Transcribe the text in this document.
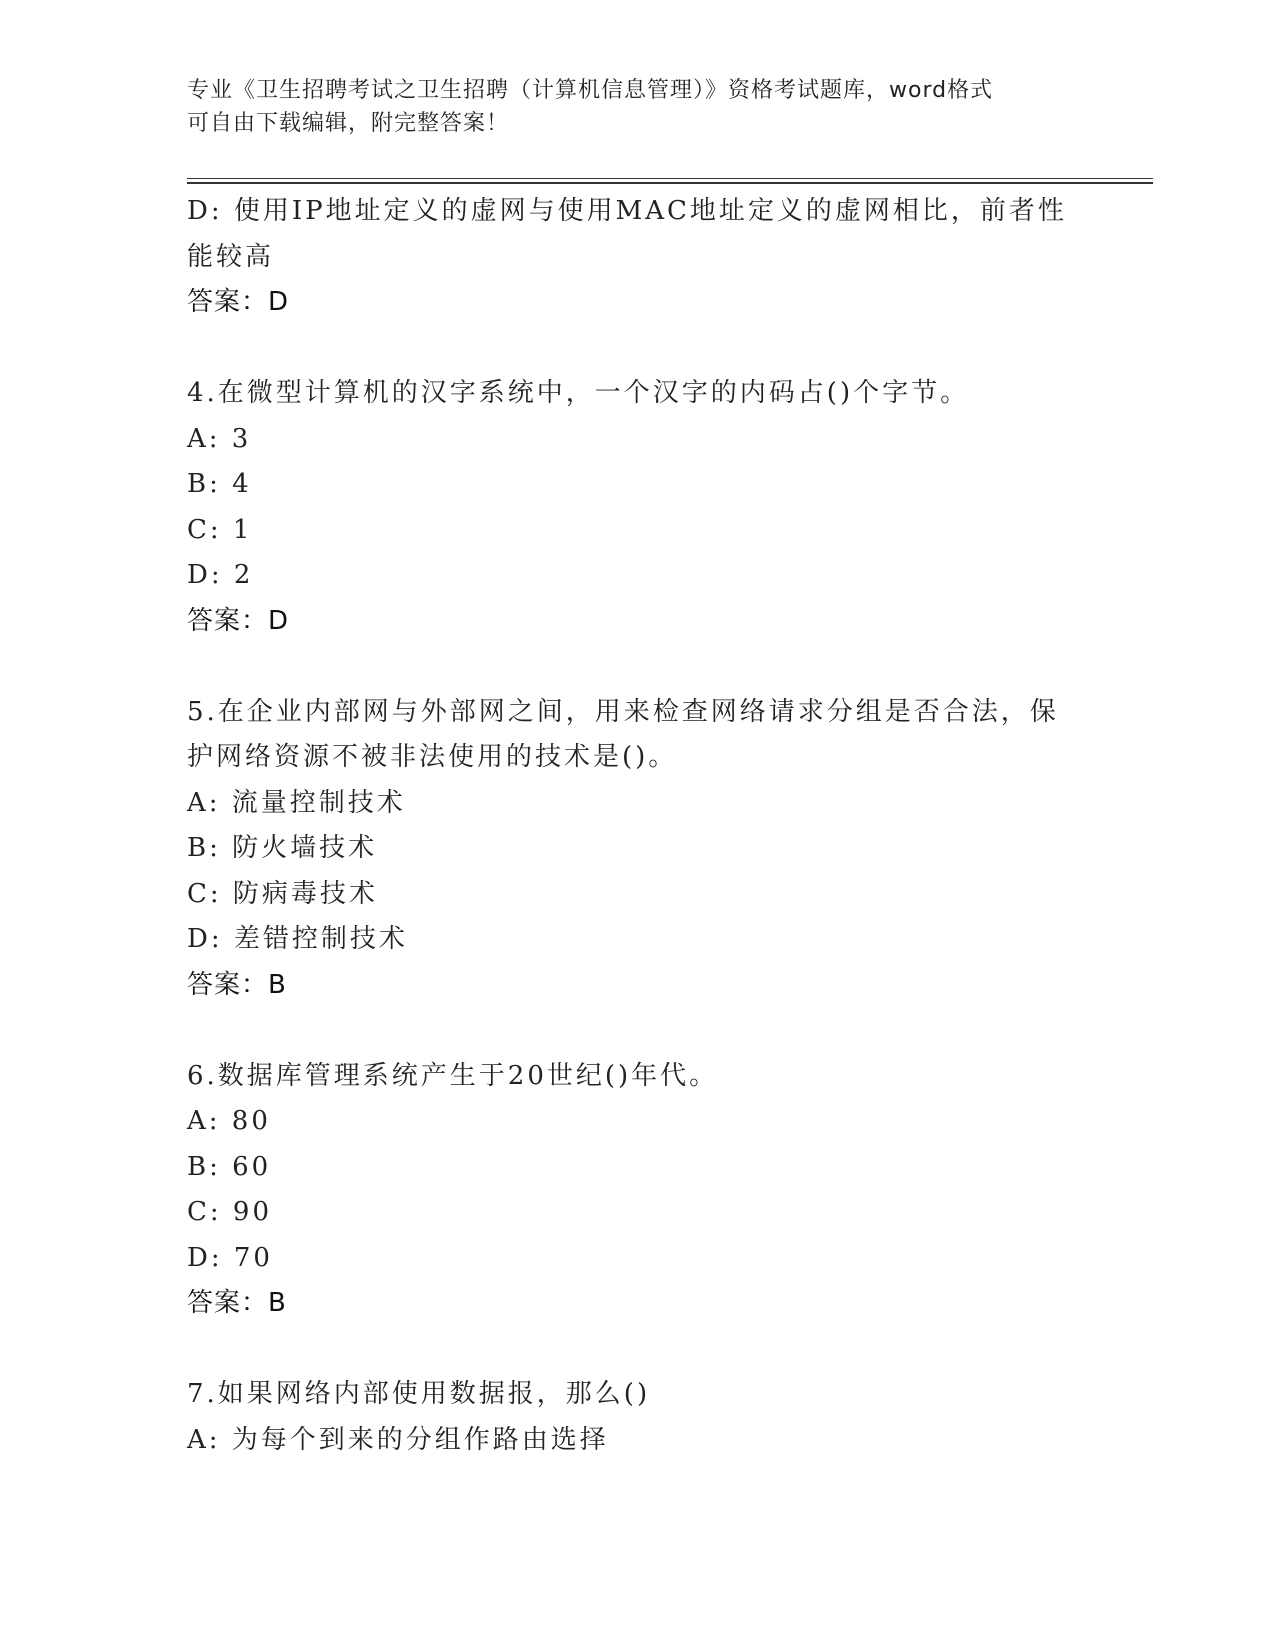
专业《卫生招聘考试之卫生招聘（计算机信息管理）》资格考试题库，word格式
可自由下载编辑，附完整答案！

D: 使用IP地址定义的虚网与使用MAC地址定义的虚网相比，前者性

能较高

答案：D

4.在微型计算机的汉字系统中，一个汉字的内码占()个字节。

A: 3

B: 4

C: 1

D: 2

答案：D

5.在企业内部网与外部网之间，用来检查网络请求分组是否合法，保

护网络资源不被非法使用的技术是()。

A: 流量控制技术

B: 防火墙技术

C: 防病毒技术

D: 差错控制技术

答案：B

6.数据库管理系统产生于20世纪()年代。

A: 80

B: 60

C: 90

D: 70

答案：B

7.如果网络内部使用数据报，那么()

A: 为每个到来的分组作路由选择
